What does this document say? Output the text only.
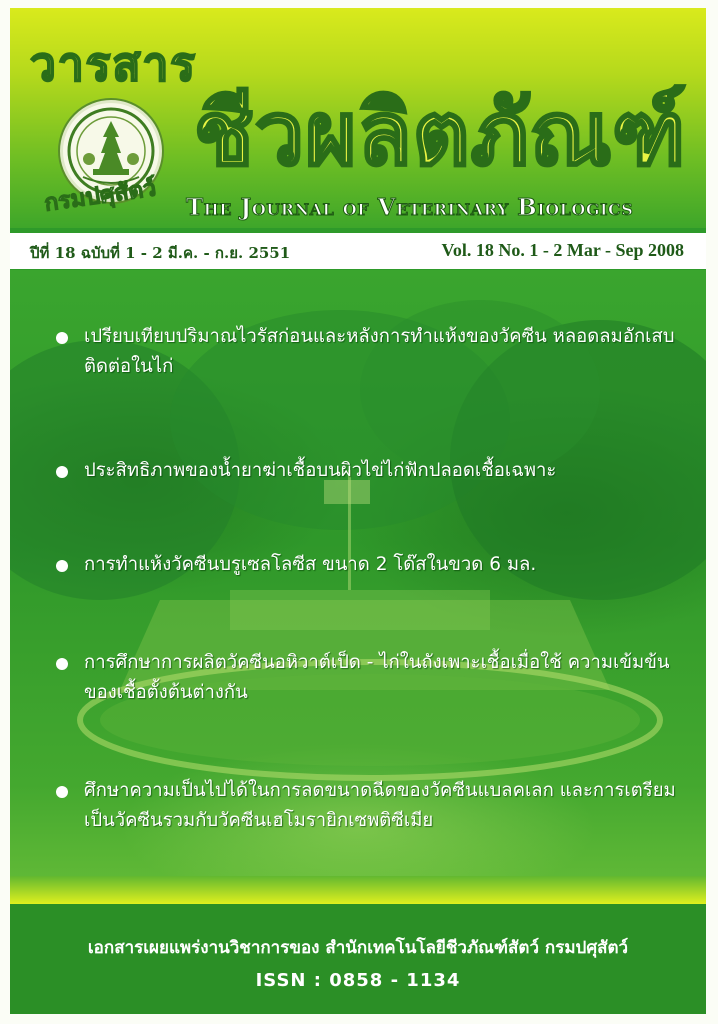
วารสาร
ชีวผลิตภัณฑ์
กรมปศุสัตว์ The Journal of Veterinary Biologics
ปีที่ 18 ฉบับที่ 1 - 2 มี.ค. - ก.ย. 2551	Vol. 18 No. 1 - 2 Mar - Sep 2008
เปรียบเทียบปริมาณไวรัสก่อนและหลังการทำแห้งของวัคซีน หลอดลมอักเสบติดต่อในไก่
ประสิทธิภาพของน้ำยาฆ่าเชื้อบนผิวไข่ไก่ฟักปลอดเชื้อเฉพาะ
การทำแห้งวัคซีนบรูเซลโลซีส ขนาด 2 โด๊สในขวด 6 มล.
การศึกษาการผลิตวัคซีนอหิวาต์เป็ด - ไก่ในถังเพาะเชื้อเมื่อใช้ ความเข้มข้นของเชื้อตั้งต้นต่างกัน
ศึกษาความเป็นไปได้ในการลดขนาดฉีดของวัคซีนแบลคเลก และการเตรียมเป็นวัคซีนรวมกับวัคซีนเฮโมรายิกเซพติซีเมีย
เอกสารเผยแพร่งานวิชาการของ สำนักเทคโนโลยีชีวภัณฑ์สัตว์ กรมปศุสัตว์
ISSN : 0858 - 1134
